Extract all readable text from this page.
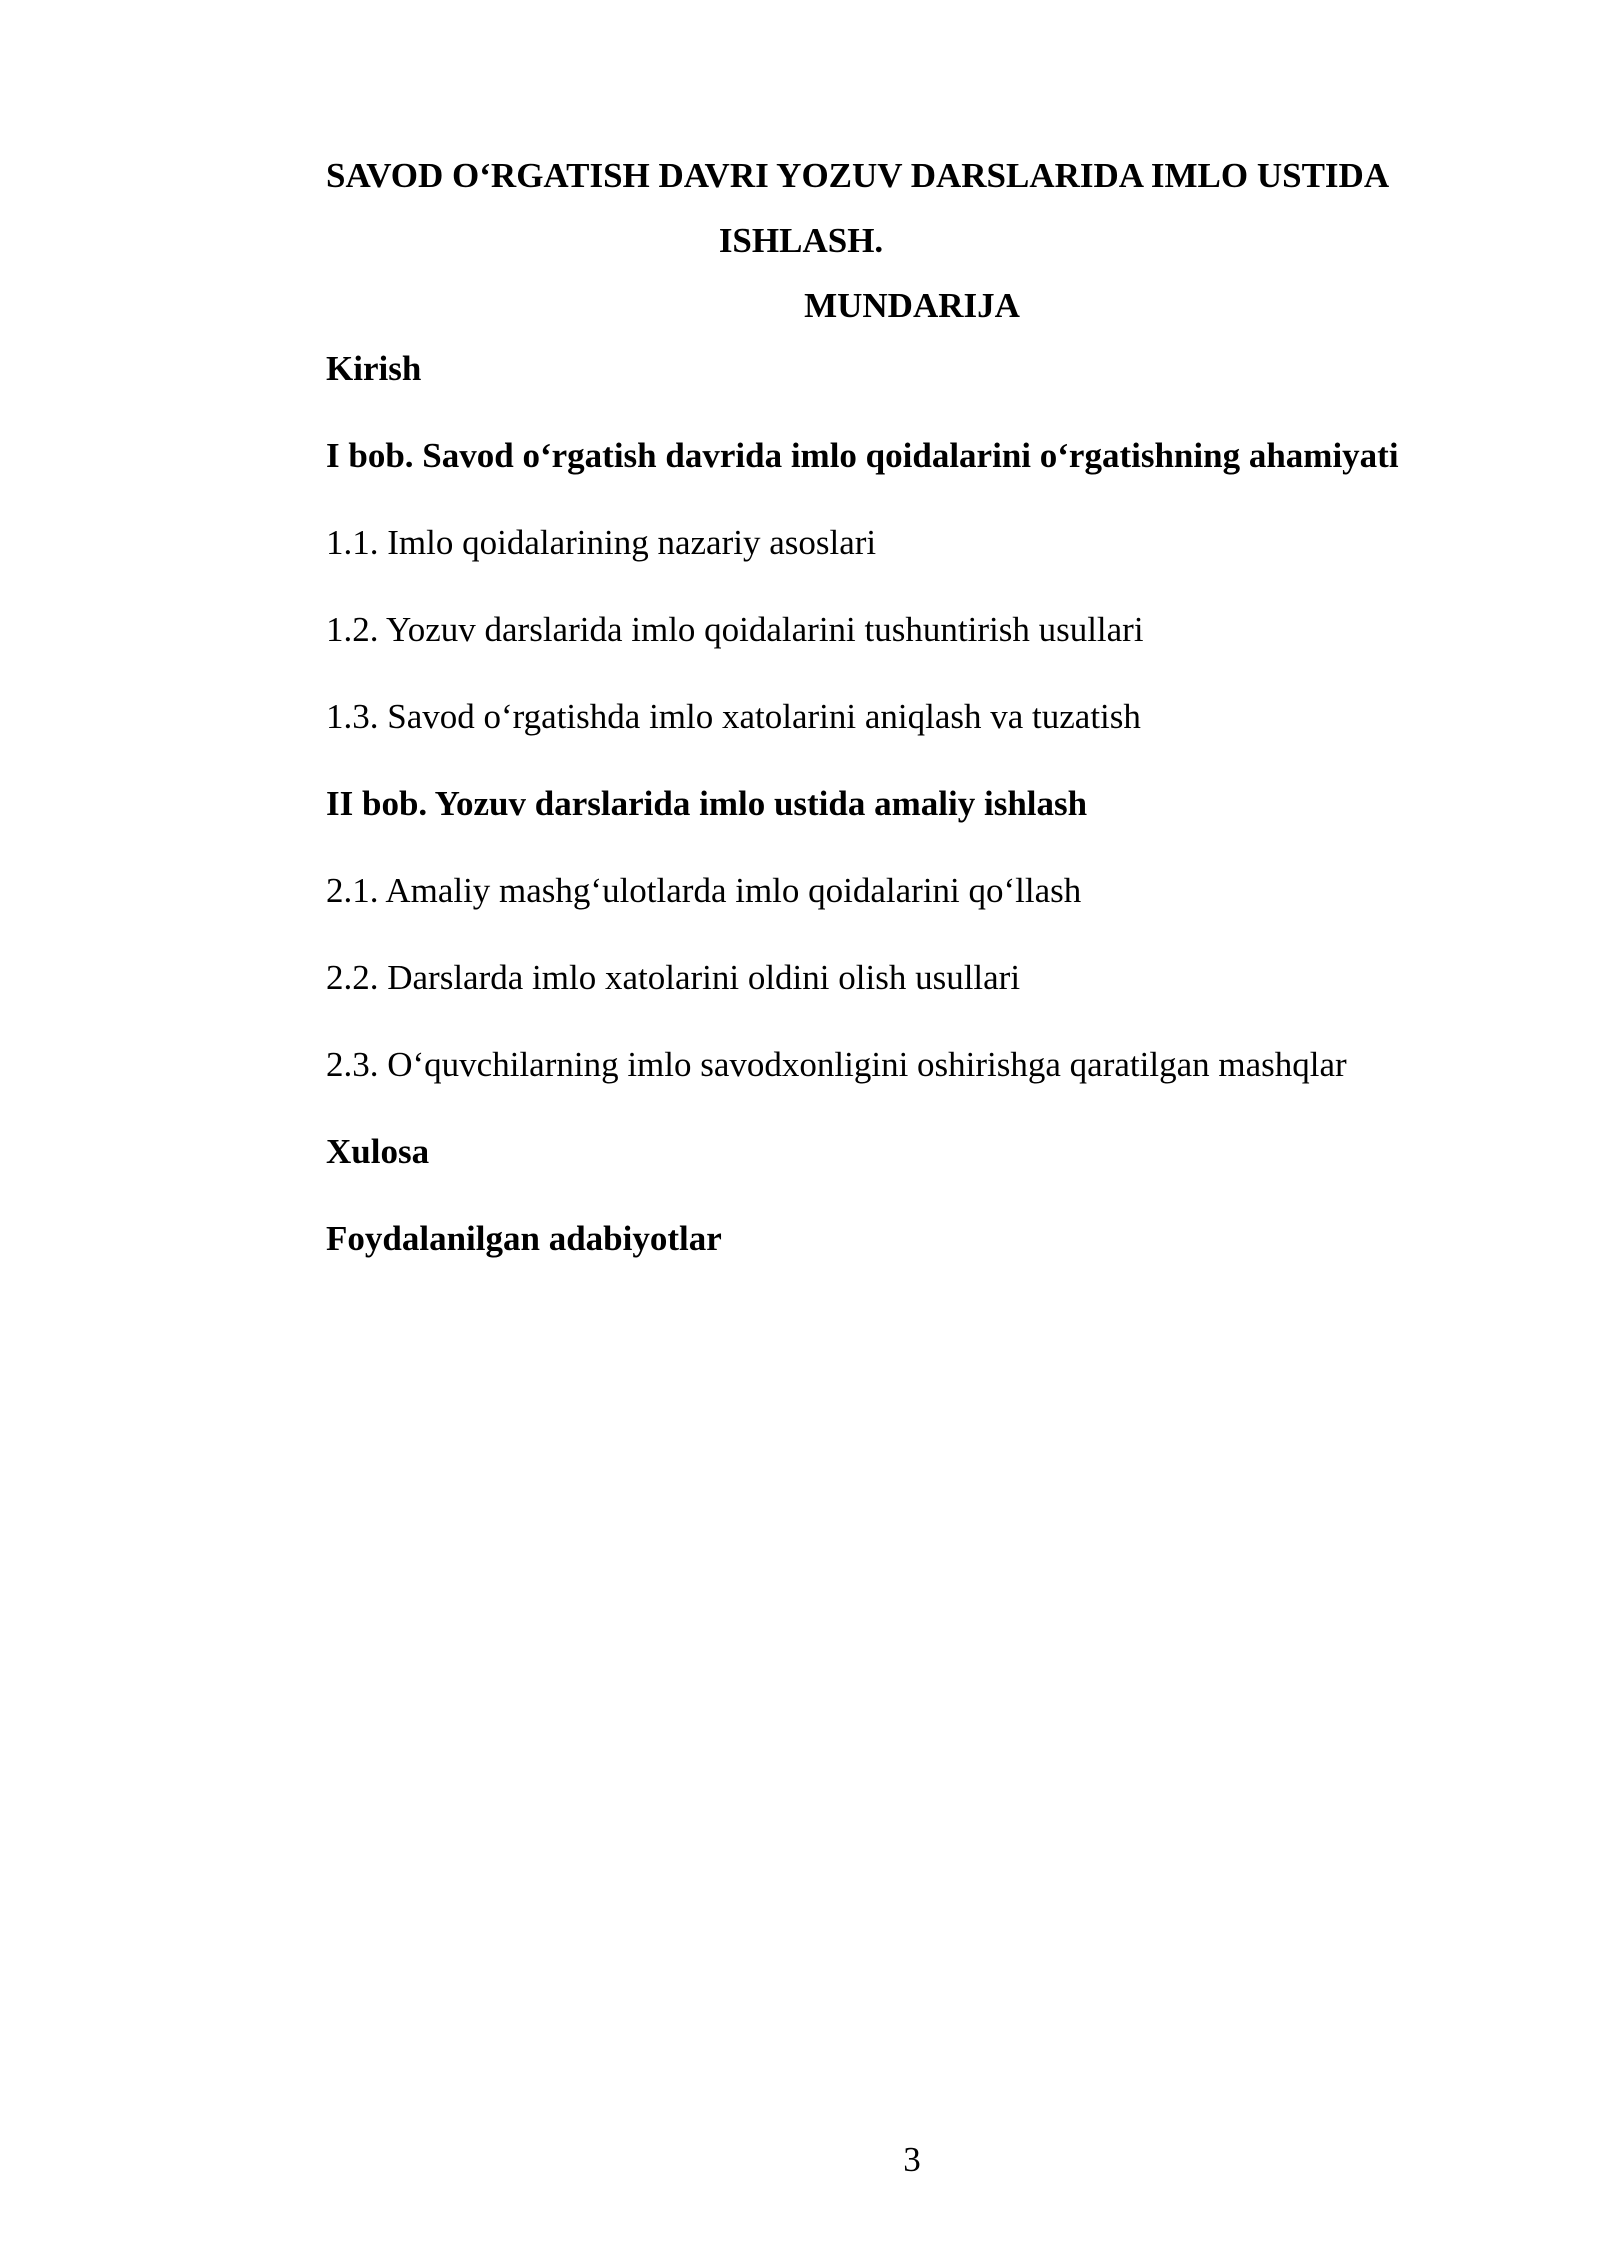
SAVOD O‘RGATISH DAVRI YOZUV DARSLARIDA IMLO USTIDA
ISHLASH.
MUNDARIJA
Kirish
I bob. Savod o‘rgatish davrida imlo qoidalarini o‘rgatishning ahamiyati
1.1. Imlo qoidalarining nazariy asoslari
1.2. Yozuv darslarida imlo qoidalarini tushuntirish usullari
1.3. Savod o‘rgatishda imlo xatolarini aniqlash va tuzatish
II bob. Yozuv darslarida imlo ustida amaliy ishlash
2.1. Amaliy mashg‘ulotlarda imlo qoidalarini qo‘llash
2.2. Darslarda imlo xatolarini oldini olish usullari
2.3. O‘quvchilarning imlo savodxonligini oshirishga qaratilgan mashqlar
Xulosa
Foydalanilgan adabiyotlar
3
